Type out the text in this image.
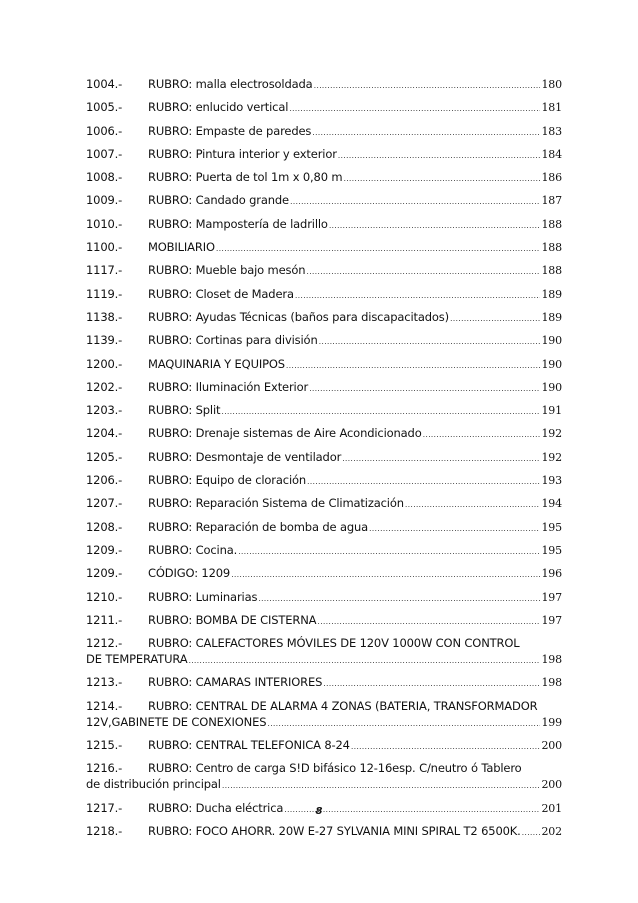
1004.-	RUBRO: malla electrosoldada .....	180
1005.-	RUBRO: enlucido vertical .....	181
1006.-	RUBRO: Empaste de paredes .....	183
1007.-	RUBRO: Pintura interior y exterior .....	184
1008.-	RUBRO: Puerta de tol 1m x 0,80 m .....	186
1009.-	RUBRO: Candado grande .....	187
1010.-	RUBRO: Mampostería de ladrillo .....	188
1100.-	MOBILIARIO .....	188
1117.-	RUBRO: Mueble bajo mesón .....	188
1119.-	RUBRO: Closet de Madera .....	189
1138.-	RUBRO: Ayudas Técnicas (baños para discapacitados) .....	189
1139.-	RUBRO: Cortinas para división .....	190
1200.-	MAQUINARIA Y EQUIPOS .....	190
1202.-	RUBRO: Iluminación Exterior .....	190
1203.-	RUBRO: Split .....	191
1204.-	RUBRO: Drenaje sistemas de Aire Acondicionado .....	192
1205.-	RUBRO: Desmontaje de ventilador .....	192
1206.-	RUBRO: Equipo de cloración .....	193
1207.-	RUBRO: Reparación Sistema de Climatización .....	194
1208.-	RUBRO: Reparación de bomba de agua .....	195
1209.-	RUBRO: Cocina. .....	195
1209.-	CÓDIGO: 1209 .....	196
1210.-	RUBRO: Luminarias .....	197
1211.-	RUBRO: BOMBA DE CISTERNA .....	197
1212.- RUBRO: CALEFACTORES MÓVILES DE 120V 1000W CON CONTROL
DE TEMPERATURA .....	198
1213.-	RUBRO: CAMARAS INTERIORES .....	198
1214.- RUBRO: CENTRAL DE ALARMA 4 ZONAS (BATERIA, TRANSFORMADOR
12V,GABINETE DE CONEXIONES .....	199
1215.-	RUBRO: CENTRAL TELEFONICA 8-24 .....	200
1216.- RUBRO: Centro de carga S!D bifásico 12-16esp. C/neutro ó Tablero
de distribución principal .....	200
1217.-	RUBRO: Ducha eléctrica .....	201
1218.-	RUBRO: FOCO AHORR. 20W E-27 SYLVANIA MINI SPIRAL T2 6500K. ..... 202
8
